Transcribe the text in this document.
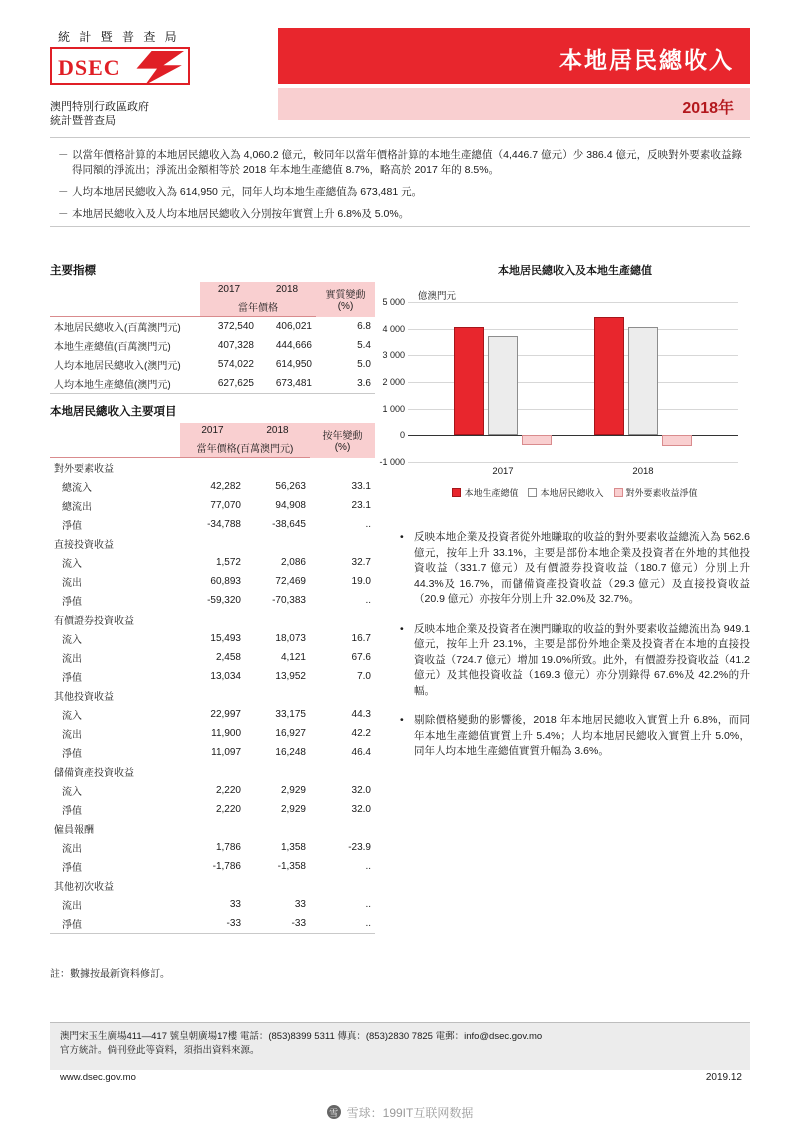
統 計 暨 普 查 局
DSEC
澳門特別行政區政府
統計暨普查局
本地居民總收入
2018年
－ 以當年價格計算的本地居民總收入為 4,060.2 億元，較同年以當年價格計算的本地生產總值（4,446.7 億元）少 386.4 億元，反映對外要素收益錄得同額的淨流出；淨流出金額相等於 2018 年本地生產總值 8.7%，略高於 2017 年的 8.5%。
－ 人均本地居民總收入為 614,950 元，同年人均本地生產總值為 673,481 元。
－ 本地居民總收入及人均本地居民總收入分別按年實質上升 6.8%及 5.0%。
主要指標
	2017	2018	實質變動
(%)

	當年價格		
本地居民總收入(百萬澳門元)	372,540	406,021	6.8
本地生產總值(百萬澳門元)	407,328	444,666	5.4
人均本地居民總收入(澳門元)	574,022	614,950	5.0
人均本地生產總值(澳門元)	627,625	673,481	3.6
本地居民總收入主要項目
	2017	2018	按年變動
(%)

	當年價格(百萬澳門元)		
對外要素收益			
總流入	42,282	56,263	33.1
總流出	77,070	94,908	23.1
淨值	-34,788	-38,645	..
直接投資收益			
流入	1,572	2,086	32.7
流出	60,893	72,469	19.0
淨值	-59,320	-70,383	..
有價證券投資收益			
流入	15,493	18,073	16.7
流出	2,458	4,121	67.6
淨值	13,034	13,952	7.0
其他投資收益			
流入	22,997	33,175	44.3
流出	11,900	16,927	42.2
淨值	11,097	16,248	46.4
儲備資產投資收益			
流入	2,220	2,929	32.0
淨值	2,220	2,929	32.0
僱員報酬			
流出	1,786	1,358	-23.9
淨值	-1,786	-1,358	..
其他初次收益			
流出	33	33	..
淨值	-33	-33	..
註：數據按最新資料修訂。
本地居民總收入及本地生產總值
億澳門元
5 000
4 000
3 000
2 000
1 000
0
-1 000
2017	2018
本地生產總值	本地居民總收入	對外要素收益淨值
• 反映本地企業及投資者從外地賺取的收益的對外要素收益總流入為 562.6 億元，按年上升 33.1%，主要是部份本地企業及投資者在外地的其他投資收益（331.7 億元）及有價證券投資收益（180.7 億元）分別上升 44.3%及 16.7%，而儲備資產投資收益（29.3 億元）及直接投資收益（20.9 億元）亦按年分別上升 32.0%及 32.7%。
• 反映本地企業及投資者在澳門賺取的收益的對外要素收益總流出為 949.1 億元，按年上升 23.1%，主要是部份外地企業及投資者在本地的直接投資收益（724.7 億元）增加 19.0%所致。此外，有價證券投資收益（41.2 億元）及其他投資收益（169.3 億元）亦分別錄得 67.6%及 42.2%的升幅。
• 剔除價格變動的影響後，2018 年本地居民總收入實質上升 6.8%，而同年本地生產總值實質上升 5.4%；人均本地居民總收入實質上升 5.0%，同年人均本地生產總值實質升幅為 3.6%。
澳門宋玉生廣場411—417 號皇朝廣場17樓 電話：(853)8399 5311 傳真：(853)2830 7825 電郵：info@dsec.gov.mo
官方統計。倘刊登此等資料，須指出資料來源。
www.dsec.gov.mo	2019.12
雪 雪球：199IT互联网数据
